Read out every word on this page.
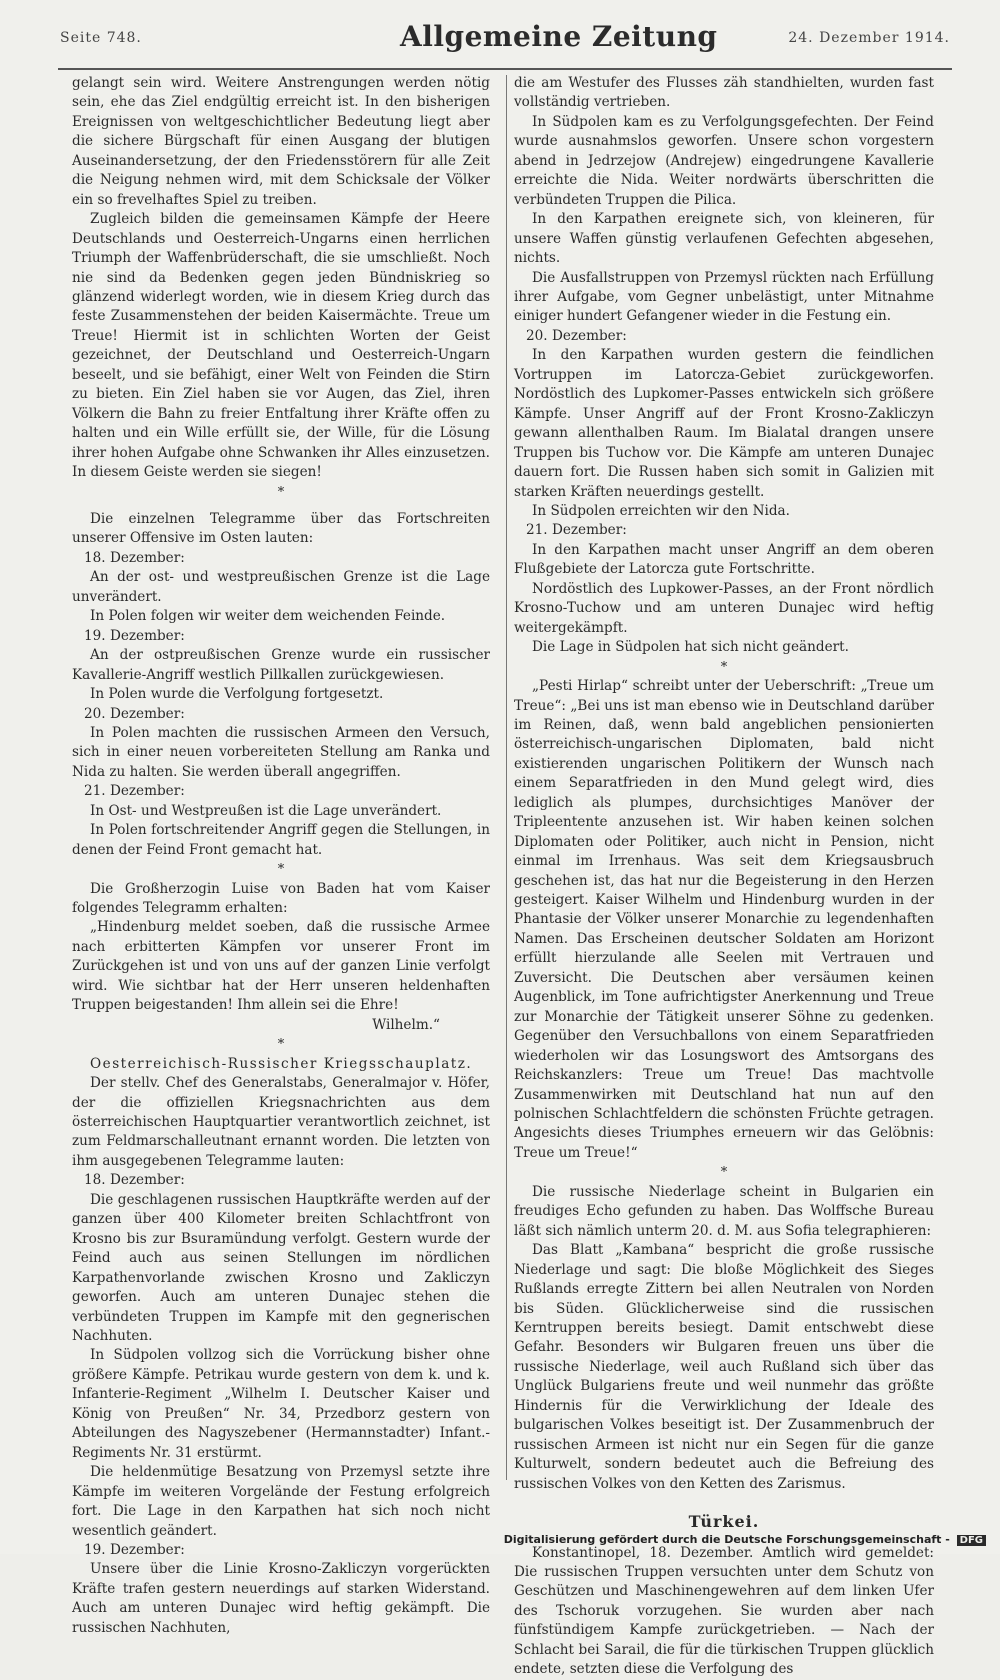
Seite 748.	Allgemeine Zeitung	24. Dezember 1914.

gelangt sein wird. Weitere Anstrengungen werden nötig sein, ehe das Ziel endgültig erreicht ist. In den bisherigen Ereignissen von weltgeschichtlicher Bedeutung liegt aber die sichere Bürgschaft für einen Ausgang der blutigen Auseinandersetzung, der den Friedensstörern für alle Zeit die Neigung nehmen wird, mit dem Schicksale der Völker ein so frevelhaftes Spiel zu treiben.

Zugleich bilden die gemeinsamen Kämpfe der Heere Deutschlands und Oesterreich-Ungarns einen herrlichen Triumph der Waffenbrüderschaft, die sie umschließt. Noch nie sind da Bedenken gegen jeden Bündniskrieg so glänzend widerlegt worden, wie in diesem Krieg durch das feste Zusammenstehen der beiden Kaisermächte. Treue um Treue! Hiermit ist in schlichten Worten der Geist gezeichnet, der Deutschland und Oesterreich-Ungarn beseelt, und sie befähigt, einer Welt von Feinden die Stirn zu bieten. Ein Ziel haben sie vor Augen, das Ziel, ihren Völkern die Bahn zu freier Entfaltung ihrer Kräfte offen zu halten und ein Wille erfüllt sie, der Wille, für die Lösung ihrer hohen Aufgabe ohne Schwanken ihr Alles einzusetzen. In diesem Geiste werden sie siegen!

*

Die einzelnen Telegramme über das Fortschreiten unserer Offensive im Osten lauten:

18. Dezember:

An der ost- und westpreußischen Grenze ist die Lage unverändert.

In Polen folgen wir weiter dem weichenden Feinde.

19. Dezember:

An der ostpreußischen Grenze wurde ein russischer Kavallerie-Angriff westlich Pillkallen zurückgewiesen.

In Polen wurde die Verfolgung fortgesetzt.

20. Dezember:

In Polen machten die russischen Armeen den Versuch, sich in einer neuen vorbereiteten Stellung am Ranka und Nida zu halten. Sie werden überall angegriffen.

21. Dezember:

In Ost- und Westpreußen ist die Lage unverändert.

In Polen fortschreitender Angriff gegen die Stellungen, in denen der Feind Front gemacht hat.

*

Die Großherzogin Luise von Baden hat vom Kaiser folgendes Telegramm erhalten:

„Hindenburg meldet soeben, daß die russische Armee nach erbitterten Kämpfen vor unserer Front im Zurückgehen ist und von uns auf der ganzen Linie verfolgt wird. Wie sichtbar hat der Herr unseren heldenhaften Truppen beigestanden! Ihm allein sei die Ehre!

Wilhelm.“

*

Oesterreichisch-Russischer Kriegsschauplatz.

Der stellv. Chef des Generalstabs, Generalmajor v. Höfer, der die offiziellen Kriegsnachrichten aus dem österreichischen Hauptquartier verantwortlich zeichnet, ist zum Feldmarschalleutnant ernannt worden. Die letzten von ihm ausgegebenen Telegramme lauten:

18. Dezember:

Die geschlagenen russischen Hauptkräfte werden auf der ganzen über 400 Kilometer breiten Schlachtfront von Krosno bis zur Bsuramündung verfolgt. Gestern wurde der Feind auch aus seinen Stellungen im nördlichen Karpathenvorlande zwischen Krosno und Zakliczyn geworfen. Auch am unteren Dunajec stehen die verbündeten Truppen im Kampfe mit den gegnerischen Nachhuten.

In Südpolen vollzog sich die Vorrückung bisher ohne größere Kämpfe. Petrikau wurde gestern von dem k. und k. Infanterie-Regiment „Wilhelm I. Deutscher Kaiser und König von Preußen“ Nr. 34, Przedborz gestern von Abteilungen des Nagyszebener (Hermannstadter) Infant.-Regiments Nr. 31 erstürmt.

Die heldenmütige Besatzung von Przemysl setzte ihre Kämpfe im weiteren Vorgelände der Festung erfolgreich fort. Die Lage in den Karpathen hat sich noch nicht wesentlich geändert.

19. Dezember:

Unsere über die Linie Krosno-Zakliczyn vorgerückten Kräfte trafen gestern neuerdings auf starken Widerstand. Auch am unteren Dunajec wird heftig gekämpft. Die russischen Nachhuten,

die am Westufer des Flusses zäh standhielten, wurden fast vollständig vertrieben.

In Südpolen kam es zu Verfolgungsgefechten. Der Feind wurde ausnahmslos geworfen. Unsere schon vorgestern abend in Jedrzejow (Andrejew) eingedrungene Kavallerie erreichte die Nida. Weiter nordwärts überschritten die verbündeten Truppen die Pilica.

In den Karpathen ereignete sich, von kleineren, für unsere Waffen günstig verlaufenen Gefechten abgesehen, nichts.

Die Ausfallstruppen von Przemysl rückten nach Erfüllung ihrer Aufgabe, vom Gegner unbelästigt, unter Mitnahme einiger hundert Gefangener wieder in die Festung ein.

20. Dezember:

In den Karpathen wurden gestern die feindlichen Vortruppen im Latorcza-Gebiet zurückgeworfen. Nordöstlich des Lupkomer-Passes entwickeln sich größere Kämpfe. Unser Angriff auf der Front Krosno-Zakliczyn gewann allenthalben Raum. Im Bialatal drangen unsere Truppen bis Tuchow vor. Die Kämpfe am unteren Dunajec dauern fort. Die Russen haben sich somit in Galizien mit starken Kräften neuerdings gestellt.

In Südpolen erreichten wir den Nida.

21. Dezember:

In den Karpathen macht unser Angriff an dem oberen Flußgebiete der Latorcza gute Fortschritte.

Nordöstlich des Lupkower-Passes, an der Front nördlich Krosno-Tuchow und am unteren Dunajec wird heftig weitergekämpft.

Die Lage in Südpolen hat sich nicht geändert.

*

„Pesti Hirlap“ schreibt unter der Ueberschrift: „Treue um Treue“: „Bei uns ist man ebenso wie in Deutschland darüber im Reinen, daß, wenn bald angeblichen pensionierten österreichisch-ungarischen Diplomaten, bald nicht existierenden ungarischen Politikern der Wunsch nach einem Separatfrieden in den Mund gelegt wird, dies lediglich als plumpes, durchsichtiges Manöver der Tripleentente anzusehen ist. Wir haben keinen solchen Diplomaten oder Politiker, auch nicht in Pension, nicht einmal im Irrenhaus. Was seit dem Kriegsausbruch geschehen ist, das hat nur die Begeisterung in den Herzen gesteigert. Kaiser Wilhelm und Hindenburg wurden in der Phantasie der Völker unserer Monarchie zu legendenhaften Namen. Das Erscheinen deutscher Soldaten am Horizont erfüllt hierzulande alle Seelen mit Vertrauen und Zuversicht. Die Deutschen aber versäumen keinen Augenblick, im Tone aufrichtigster Anerkennung und Treue zur Monarchie der Tätigkeit unserer Söhne zu gedenken. Gegenüber den Versuchballons von einem Separatfrieden wiederholen wir das Losungswort des Amtsorgans des Reichskanzlers: Treue um Treue! Das machtvolle Zusammenwirken mit Deutschland hat nun auf den polnischen Schlachtfeldern die schönsten Früchte getragen. Angesichts dieses Triumphes erneuern wir das Gelöbnis: Treue um Treue!“

*

Die russische Niederlage scheint in Bulgarien ein freudiges Echo gefunden zu haben. Das Wolffsche Bureau läßt sich nämlich unterm 20. d. M. aus Sofia telegraphieren:

Das Blatt „Kambana“ bespricht die große russische Niederlage und sagt: Die bloße Möglichkeit des Sieges Rußlands erregte Zittern bei allen Neutralen von Norden bis Süden. Glücklicherweise sind die russischen Kerntruppen bereits besiegt. Damit entschwebt diese Gefahr. Besonders wir Bulgaren freuen uns über die russische Niederlage, weil auch Rußland sich über das Unglück Bulgariens freute und weil nunmehr das größte Hindernis für die Verwirklichung der Ideale des bulgarischen Volkes beseitigt ist. Der Zusammenbruch der russischen Armeen ist nicht nur ein Segen für die ganze Kulturwelt, sondern bedeutet auch die Befreiung des russischen Volkes von den Ketten des Zarismus.

Türkei.

Konstantinopel, 18. Dezember. Amtlich wird gemeldet: Die russischen Truppen versuchten unter dem Schutz von Geschützen und Maschinengewehren auf dem linken Ufer des Tschoruk vorzugehen. Sie wurden aber nach fünfstündigem Kampfe zurückgetrieben. — Nach der Schlacht bei Sarail, die für die türkischen Truppen glücklich endete, setzten diese die Verfolgung des

Digitalisierung gefördert durch die Deutsche Forschungsgemeinschaft - DFG
